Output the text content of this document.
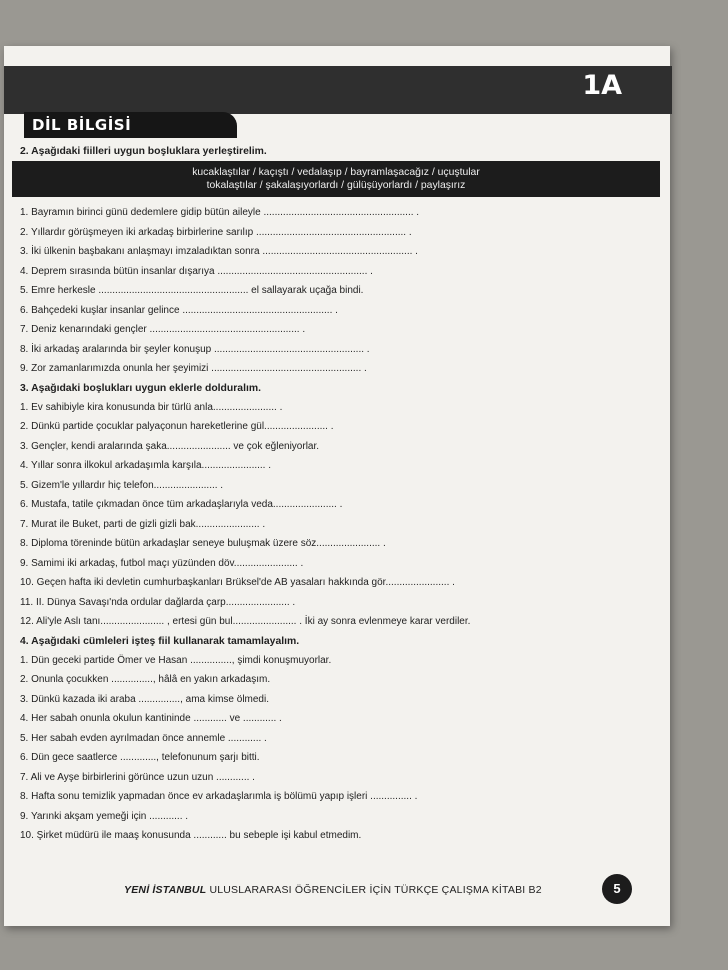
1A
DİL BİLGİSİ
2. Aşağıdaki fiilleri uygun boşluklara yerleştirelim.
kucaklaştılar / kaçıştı / vedalaşıp / bayramlaşacağız / uçuştular
tokalaştılar / şakalaşıyorlardı / gülüşüyorlardı / paylaşırız
1. Bayramın birinci günü dedemlere gidip bütün aileyle ...................................................... .
2. Yıllardır görüşmeyen iki arkadaş birbirlerine sarılıp ...................................................... .
3. İki ülkenin başbakanı anlaşmayı imzaladıktan sonra ...................................................... .
4. Deprem sırasında bütün insanlar dışarıya ...................................................... .
5. Emre herkesle ...................................................... el sallayarak uçağa bindi.
6. Bahçedeki kuşlar insanlar gelince ...................................................... .
7. Deniz kenarındaki gençler ...................................................... .
8. İki arkadaş aralarında bir şeyler konuşup ...................................................... .
9. Zor zamanlarımızda onunla her şeyimizi ...................................................... .
3. Aşağıdaki boşlukları uygun eklerle dolduralım.
1. Ev sahibiyle kira konusunda bir türlü anla....................... .
2. Dünkü partide çocuklar palyaçonun hareketlerine gül....................... .
3. Gençler, kendi aralarında şaka....................... ve çok eğleniyorlar.
4. Yıllar sonra ilkokul arkadaşımla karşıla....................... .
5. Gizem'le yıllardır hiç telefon....................... .
6. Mustafa, tatile çıkmadan önce tüm arkadaşlarıyla veda....................... .
7. Murat ile Buket, parti de gizli gizli bak....................... .
8. Diploma töreninde bütün arkadaşlar seneye buluşmak üzere söz....................... .
9. Samimi iki arkadaş, futbol maçı yüzünden döv....................... .
10. Geçen hafta iki devletin cumhurbaşkanları Brüksel'de AB yasaları hakkında gör....................... .
11. II. Dünya Savaşı'nda ordular dağlarda çarp....................... .
12. Ali'yle Aslı tanı....................... , ertesi gün bul....................... . İki ay sonra evlenmeye karar verdiler.
4. Aşağıdaki cümleleri işteş fiil kullanarak tamamlayalım.
1. Dün geceki partide Ömer ve Hasan ..............., şimdi konuşmuyorlar.
2. Onunla çocukken ..............., hâlâ en yakın arkadaşım.
3. Dünkü kazada iki araba ..............., ama kimse ölmedi.
4. Her sabah onunla okulun kantininde ............ ve ............ .
5. Her sabah evden ayrılmadan önce annemle ............ .
6. Dün gece saatlerce ............., telefonunum şarjı bitti.
7. Ali ve Ayşe birbirlerini görünce uzun uzun ............ .
8. Hafta sonu temizlik yapmadan önce ev arkadaşlarımla iş bölümü yapıp işleri ............... .
9. Yarınki akşam yemeği için ............ .
10. Şirket müdürü ile maaş konusunda ............ bu sebeple işi kabul etmedim.
YENİ İSTANBUL ULUSLARARASI ÖĞRENCİLER İÇİN TÜRKÇE ÇALIŞMA KİTABI B2	5
